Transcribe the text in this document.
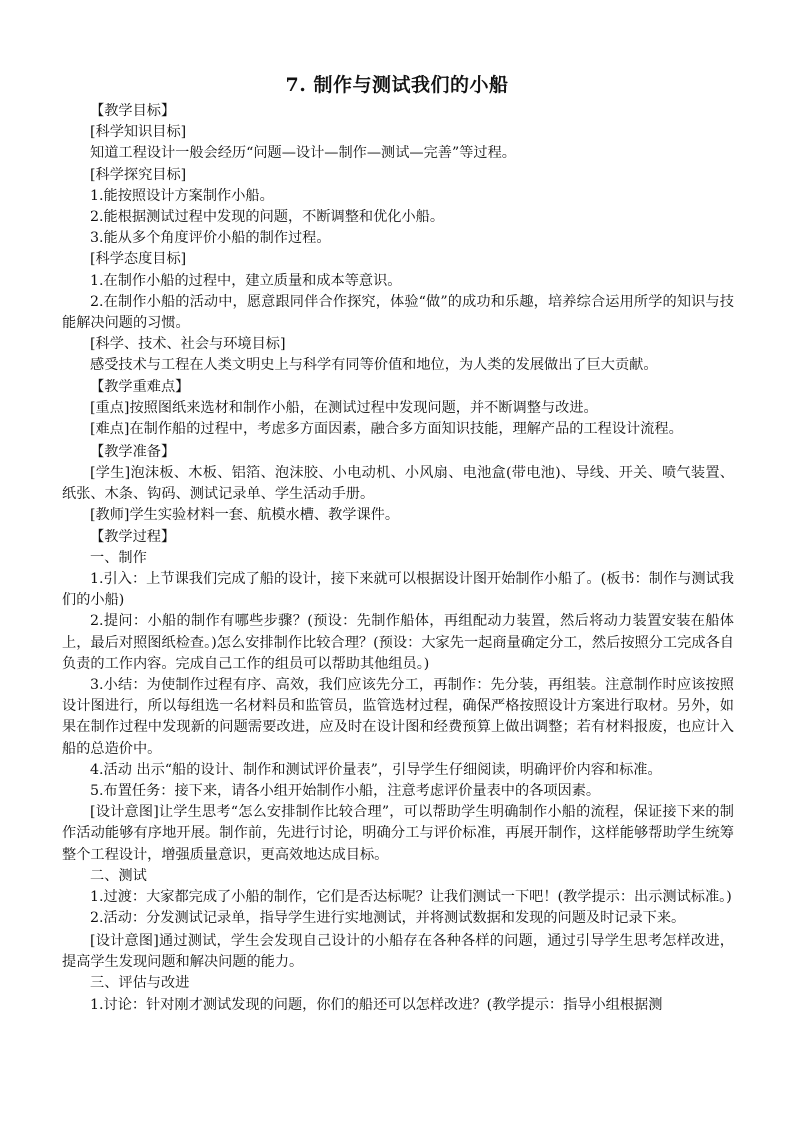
7. 制作与测试我们的小船

【教学目标】

[科学知识目标]

知道工程设计一般会经历“问题—设计—制作—测试—完善”等过程。

[科学探究目标]

1.能按照设计方案制作小船。

2.能根据测试过程中发现的问题，不断调整和优化小船。

3.能从多个角度评价小船的制作过程。

[科学态度目标]

1.在制作小船的过程中，建立质量和成本等意识。

2.在制作小船的活动中，愿意跟同伴合作探究，体验“做”的成功和乐趣，培养综合运用所学的知识与技能解决问题的习惯。

[科学、技术、社会与环境目标]

感受技术与工程在人类文明史上与科学有同等价值和地位，为人类的发展做出了巨大贡献。

【教学重难点】

[重点]按照图纸来选材和制作小船，在测试过程中发现问题，并不断调整与改进。

[难点]在制作船的过程中，考虑多方面因素，融合多方面知识技能，理解产品的工程设计流程。

【教学准备】

[学生]泡沫板、木板、铝箔、泡沫胶、小电动机、小风扇、电池盒(带电池)、导线、开关、喷气装置、纸张、木条、钩码、测试记录单、学生活动手册。

[教师]学生实验材料一套、航模水槽、教学课件。

【教学过程】

一、制作

1.引入：上节课我们完成了船的设计，接下来就可以根据设计图开始制作小船了。(板书：制作与测试我们的小船)

2.提问：小船的制作有哪些步骤？(预设：先制作船体，再组配动力装置，然后将动力装置安装在船体上，最后对照图纸检查。)怎么安排制作比较合理？(预设：大家先一起商量确定分工，然后按照分工完成各自负责的工作内容。完成自己工作的组员可以帮助其他组员。)

3.小结：为使制作过程有序、高效，我们应该先分工，再制作：先分装，再组装。注意制作时应该按照设计图进行，所以每组选一名材料员和监管员，监管选材过程，确保严格按照设计方案进行取材。另外，如果在制作过程中发现新的问题需要改进，应及时在设计图和经费预算上做出调整；若有材料报废，也应计入船的总造价中。

4.活动 出示“船的设计、制作和测试评价量表”，引导学生仔细阅读，明确评价内容和标准。

5.布置任务：接下来，请各小组开始制作小船，注意考虑评价量表中的各项因素。

[设计意图]让学生思考“怎么安排制作比较合理”，可以帮助学生明确制作小船的流程，保证接下来的制作活动能够有序地开展。制作前，先进行讨论，明确分工与评价标准，再展开制作，这样能够帮助学生统筹整个工程设计，增强质量意识，更高效地达成目标。

二、测试

1.过渡：大家都完成了小船的制作，它们是否达标呢？让我们测试一下吧！(教学提示：出示测试标准。)

2.活动：分发测试记录单，指导学生进行实地测试，并将测试数据和发现的问题及时记录下来。

[设计意图]通过测试，学生会发现自己设计的小船存在各种各样的问题，通过引导学生思考怎样改进，提高学生发现问题和解决问题的能力。

三、评估与改进

1.讨论：针对刚才测试发现的问题，你们的船还可以怎样改进？(教学提示：指导小组根据测
